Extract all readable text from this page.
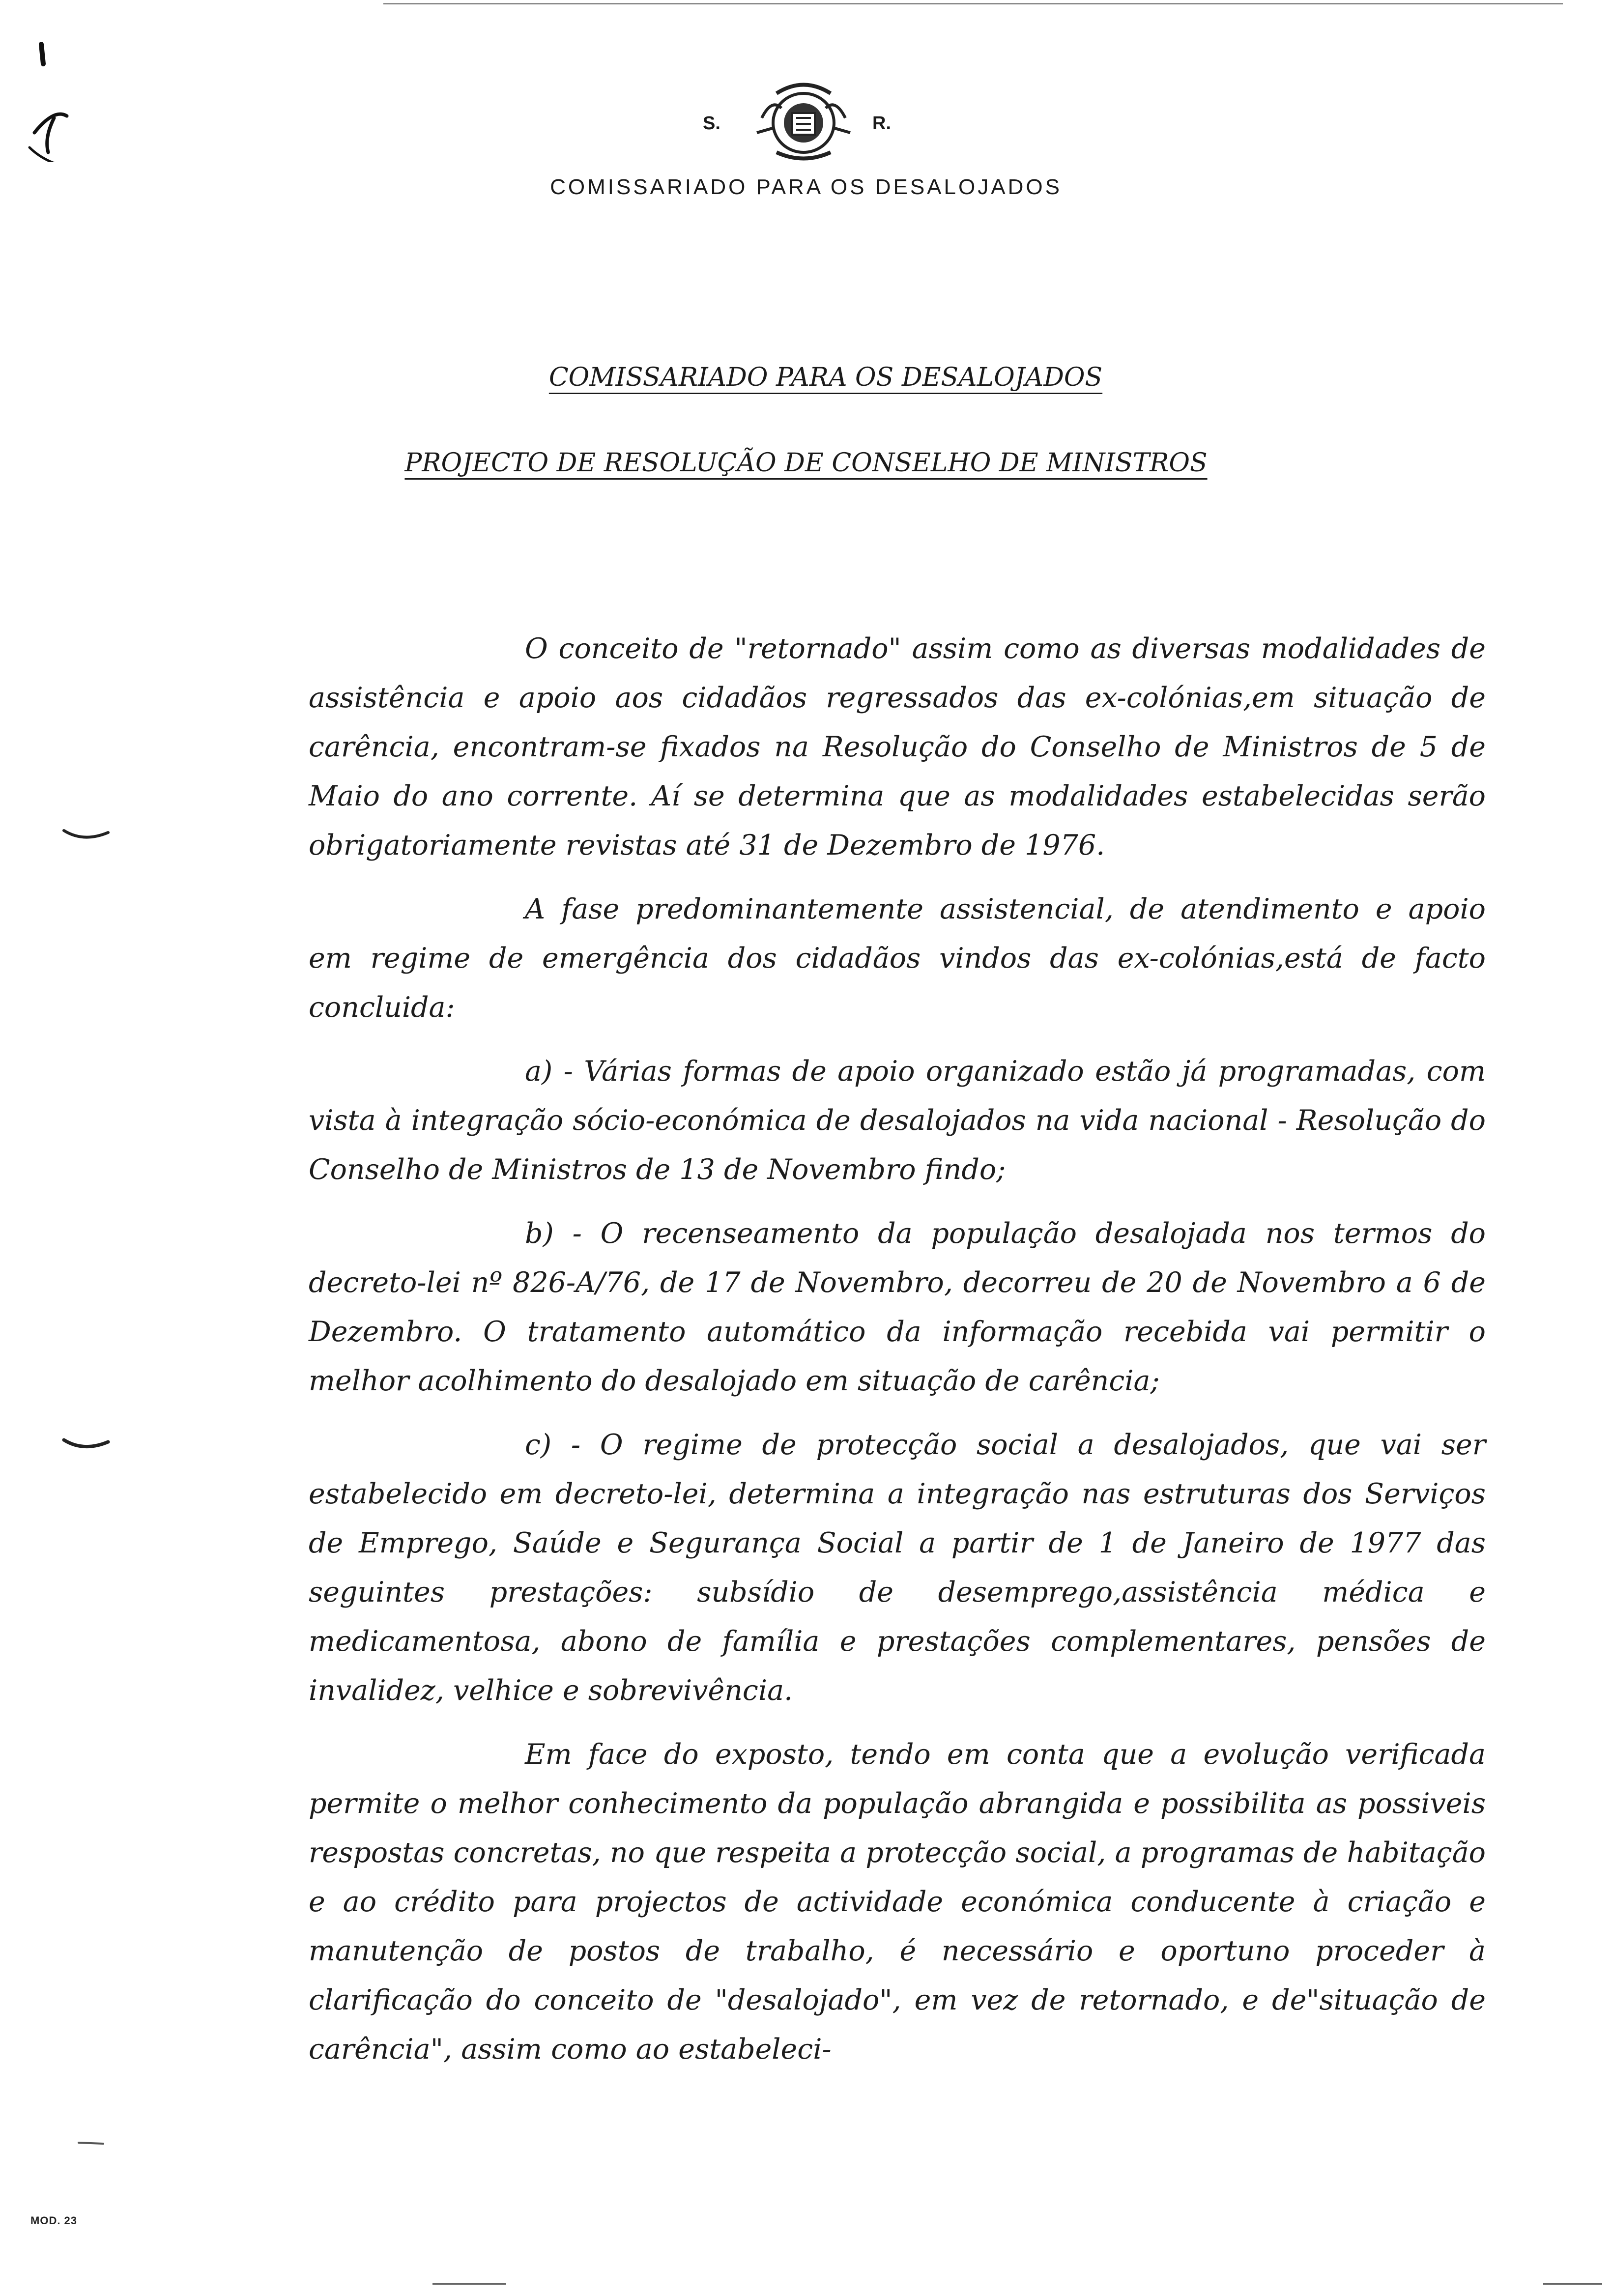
S.	R.
COMISSARIADO PARA OS DESALOJADOS
COMISSARIADO PARA OS DESALOJADOS
PROJECTO DE RESOLUÇÃO DE CONSELHO DE MINISTROS

O conceito de "retornado" assim como as diversas modalidades de assistência e apoio aos cidadãos regressados das ex-colónias,em situação de carência, encontram-se fixados na Resolução do Conselho de Ministros de 5 de Maio do ano corrente. Aí se determina que as modalidades estabelecidas serão obrigatoriamente revistas até 31 de Dezembro de 1976.

A fase predominantemente assistencial, de atendimento e apoio em regime de emergência dos cidadãos vindos das ex-colónias,está de facto concluida:

a) - Várias formas de apoio organizado estão já programadas, com vista à integração sócio-económica de desalojados na vida nacional - Resolução do Conselho de Ministros de 13 de Novembro findo;

b) - O recenseamento da população desalojada nos termos do decreto-lei nº 826-A/76, de 17 de Novembro, decorreu de 20 de Novembro a 6 de Dezembro. O tratamento automático da informação recebida vai permitir o melhor acolhimento do desalojado em situação de carência;

c) - O regime de protecção social a desalojados, que vai ser estabelecido em decreto-lei, determina a integração nas estruturas dos Serviços de Emprego, Saúde e Segurança Social a partir de 1 de Janeiro de 1977 das seguintes prestações: subsídio de desemprego,assistência médica e medicamentosa, abono de família e prestações complementares, pensões de invalidez, velhice e sobrevivência.

Em face do exposto, tendo em conta que a evolução verificada permite o melhor conhecimento da população abrangida e possibilita as possiveis respostas concretas, no que respeita a protecção social, a programas de habitação e ao crédito para projectos de actividade económica conducente à criação e manutenção de postos de trabalho, é necessário e oportuno proceder à clarificação do conceito de "desalojado", em vez de retornado, e de"situação de carência", assim como ao estabeleci-

MOD. 23
